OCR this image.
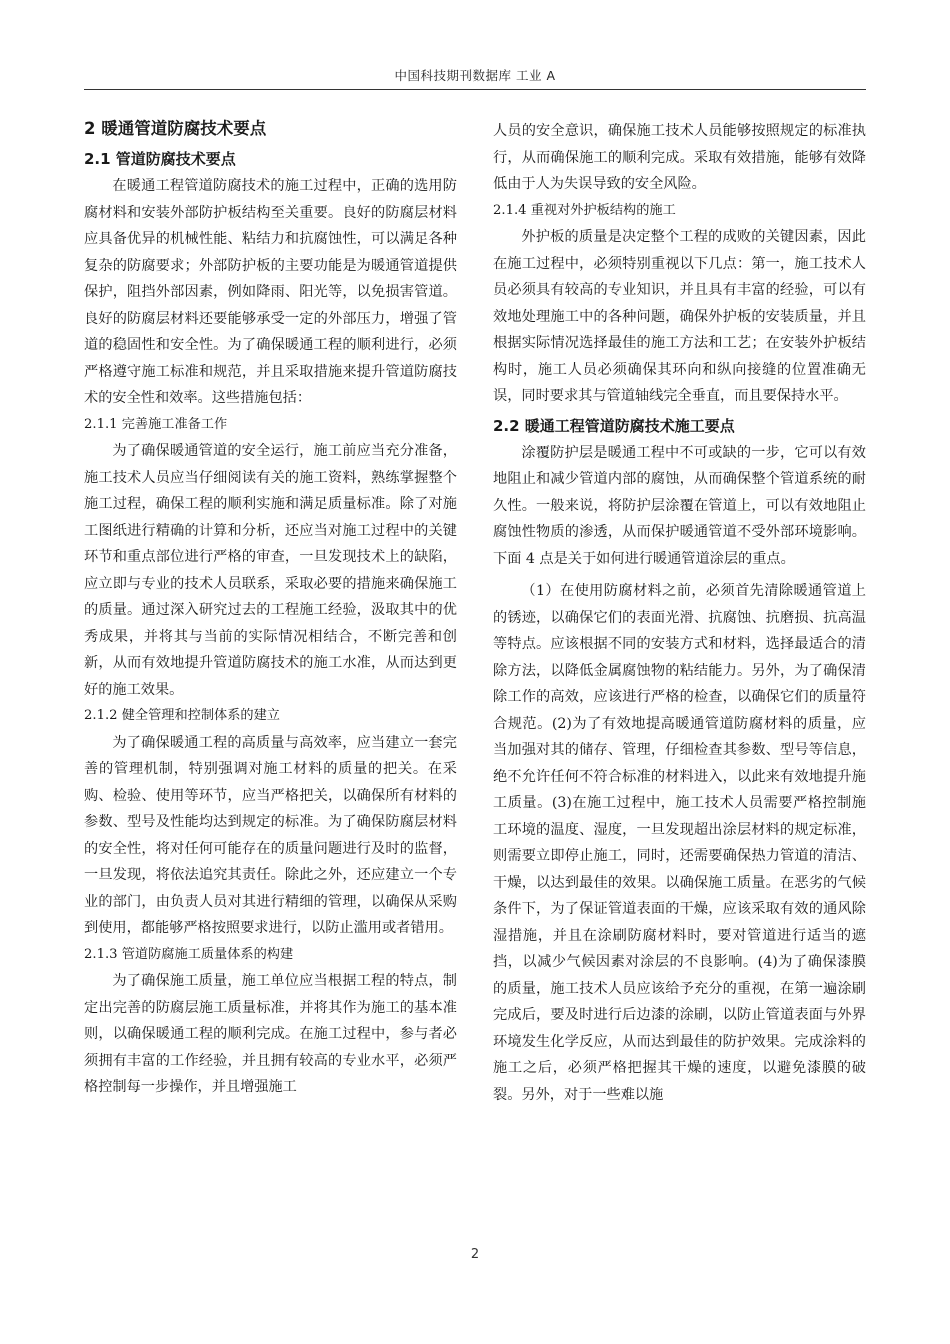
中国科技期刊数据库 工业 A
2 暖通管道防腐技术要点
2.1 管道防腐技术要点

在暖通工程管道防腐技术的施工过程中，正确的选用防腐材料和安装外部防护板结构至关重要。良好的防腐层材料应具备优异的机械性能、粘结力和抗腐蚀性，可以满足各种复杂的防腐要求；外部防护板的主要功能是为暖通管道提供保护，阻挡外部因素，例如降雨、阳光等，以免损害管道。良好的防腐层材料还要能够承受一定的外部压力，增强了管道的稳固性和安全性。为了确保暖通工程的顺利进行，必须严格遵守施工标准和规范，并且采取措施来提升管道防腐技术的安全性和效率。这些措施包括：

2.1.1 完善施工准备工作

为了确保暖通管道的安全运行，施工前应当充分准备，施工技术人员应当仔细阅读有关的施工资料，熟练掌握整个施工过程，确保工程的顺利实施和满足质量标准。除了对施工图纸进行精确的计算和分析，还应当对施工过程中的关键环节和重点部位进行严格的审查，一旦发现技术上的缺陷，应立即与专业的技术人员联系，采取必要的措施来确保施工的质量。通过深入研究过去的工程施工经验，汲取其中的优秀成果，并将其与当前的实际情况相结合，不断完善和创新，从而有效地提升管道防腐技术的施工水准，从而达到更好的施工效果。

2.1.2 健全管理和控制体系的建立

为了确保暖通工程的高质量与高效率，应当建立一套完善的管理机制，特别强调对施工材料的质量的把关。在采购、检验、使用等环节，应当严格把关，以确保所有材料的参数、型号及性能均达到规定的标准。为了确保防腐层材料的安全性，将对任何可能存在的质量问题进行及时的监督，一旦发现，将依法追究其责任。除此之外，还应建立一个专业的部门，由负责人员对其进行精细的管理，以确保从采购到使用，都能够严格按照要求进行，以防止滥用或者错用。

2.1.3 管道防腐施工质量体系的构建

为了确保施工质量，施工单位应当根据工程的特点，制定出完善的防腐层施工质量标准，并将其作为施工的基本准则，以确保暖通工程的顺利完成。在施工过程中，参与者必须拥有丰富的工作经验，并且拥有较高的专业水平，必须严格控制每一步操作，并且增强施工

人员的安全意识，确保施工技术人员能够按照规定的标准执行，从而确保施工的顺利完成。采取有效措施，能够有效降低由于人为失误导致的安全风险。

2.1.4 重视对外护板结构的施工

外护板的质量是决定整个工程的成败的关键因素，因此在施工过程中，必须特别重视以下几点：第一，施工技术人员必须具有较高的专业知识，并且具有丰富的经验，可以有效地处理施工中的各种问题，确保外护板的安装质量，并且根据实际情况选择最佳的施工方法和工艺；在安装外护板结构时，施工人员必须确保其环向和纵向接缝的位置准确无误，同时要求其与管道轴线完全垂直，而且要保持水平。

2.2 暖通工程管道防腐技术施工要点

涂覆防护层是暖通工程中不可或缺的一步，它可以有效地阻止和减少管道内部的腐蚀，从而确保整个管道系统的耐久性。一般来说，将防护层涂覆在管道上，可以有效地阻止腐蚀性物质的渗透，从而保护暖通管道不受外部环境影响。下面 4 点是关于如何进行暖通管道涂层的重点。

（1）在使用防腐材料之前，必须首先清除暖通管道上的锈迹，以确保它们的表面光滑、抗腐蚀、抗磨损、抗高温等特点。应该根据不同的安装方式和材料，选择最适合的清除方法，以降低金属腐蚀物的粘结能力。另外，为了确保清除工作的高效，应该进行严格的检查，以确保它们的质量符合规范。(2)为了有效地提高暖通管道防腐材料的质量，应当加强对其的储存、管理，仔细检查其参数、型号等信息，绝不允许任何不符合标准的材料进入，以此来有效地提升施工质量。(3)在施工过程中，施工技术人员需要严格控制施工环境的温度、湿度，一旦发现超出涂层材料的规定标准，则需要立即停止施工，同时，还需要确保热力管道的清洁、干燥，以达到最佳的效果。以确保施工质量。在恶劣的气候条件下，为了保证管道表面的干燥，应该采取有效的通风除湿措施，并且在涂刷防腐材料时，要对管道进行适当的遮挡，以减少气候因素对涂层的不良影响。(4)为了确保漆膜的质量，施工技术人员应该给予充分的重视，在第一遍涂刷完成后，要及时进行后边漆的涂刷，以防止管道表面与外界环境发生化学反应，从而达到最佳的防护效果。完成涂料的施工之后，必须严格把握其干燥的速度，以避免漆膜的破裂。另外，对于一些难以施

2
